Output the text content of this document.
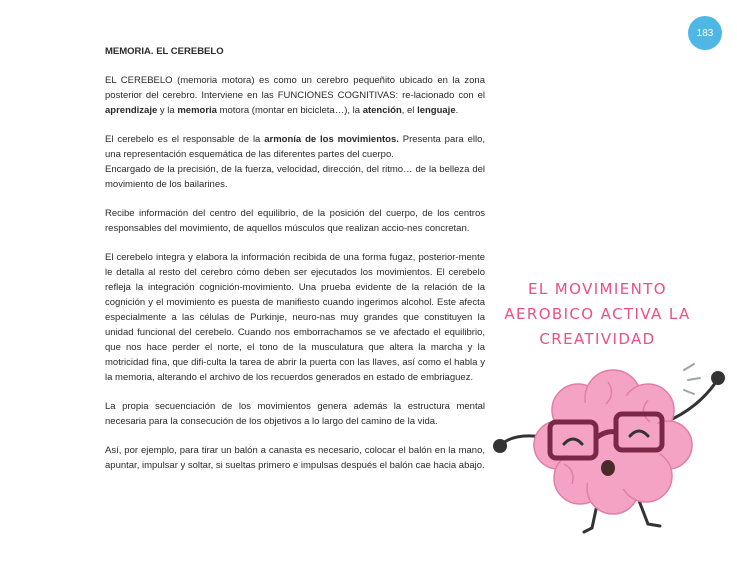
183
MEMORIA. EL CEREBELO

EL CEREBELO (memoria motora) es como un cerebro pequeñito ubicado en la zona posterior del cerebro. Interviene en las FUNCIONES COGNITIVAS: re-lacionado con el aprendizaje y la memoria motora (montar en bicicleta…), la atención, el lenguaje.

El cerebelo es el responsable de la armonía de los movimientos. Presenta para ello, una representación esquemática de las diferentes partes del cuerpo.

Encargado de la precisión, de la fuerza, velocidad, dirección, del ritmo… de la belleza del movimiento de los bailarines.

Recibe información del centro del equilibrio, de la posición del cuerpo, de los centros responsables del movimiento, de aquellos músculos que realizan accio-nes concretan.

El cerebelo integra y elabora la información recibida de una forma fugaz, posterior-mente le detalla al resto del cerebro cómo deben ser ejecutados los movimientos. El cerebelo refleja la integración cognición-movimiento. Una prueba evidente de la relación de la cognición y el movimiento es puesta de manifiesto cuando ingerimos alcohol. Este afecta especialmente a las células de Purkinje, neuro-nas muy grandes que constituyen la unidad funcional del cerebelo. Cuando nos emborrachamos se ve afectado el equilibrio, que nos hace perder el norte, el tono de la musculatura que altera la marcha y la motricidad fina, que difi-culta la tarea de abrir la puerta con las llaves, así como el habla y la memoria, alterando el archivo de los recuerdos generados en estado de embriaguez.

La propia secuenciación de los movimientos genera además la estructura mental necesaria para la consecución de los objetivos a lo largo del camino de la vida.

Así, por ejemplo, para tirar un balón a canasta es necesario, colocar el balón en la mano, apuntar, impulsar y soltar, si sueltas primero e impulsas después el balón cae hacia abajo.

EL MOVIMIENTO
AEROBICO ACTIVA LA
CREATIVIDAD
